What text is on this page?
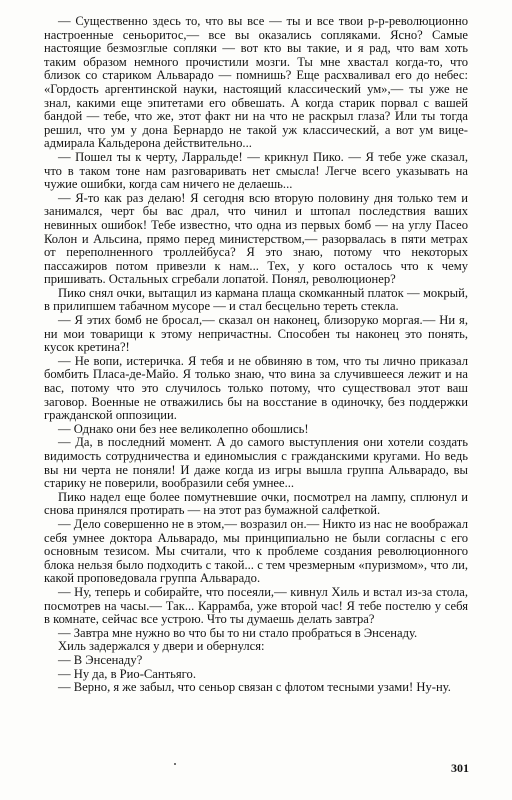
— Существенно здесь то, что вы все — ты и все твои р-р-революционно настроенные сеньоритос,— все вы оказались сопляками. Ясно? Самые настоящие безмозглые сопляки — вот кто вы такие, и я рад, что вам хоть таким образом немного прочистили мозги. Ты мне хвастал когда-то, что близок со стариком Альварадо — помнишь? Еще расхваливал его до небес: «Гордость аргентинской науки, настоящий классический ум»,— ты уже не знал, какими еще эпитетами его обвешать. А когда старик порвал с вашей бандой — тебе, что же, этот факт ни на что не раскрыл глаза? Или ты тогда решил, что ум у дона Бернардо не такой уж классический, а вот ум вице-адмирала Кальдерона действительно...

— Пошел ты к черту, Ларральде! — крикнул Пико. — Я тебе уже сказал, что в таком тоне нам разговаривать нет смысла! Легче всего указывать на чужие ошибки, когда сам ничего не делаешь...

— Я-то как раз делаю! Я сегодня всю вторую половину дня только тем и занимался, черт бы вас драл, что чинил и штопал последствия ваших невинных ошибок! Тебе известно, что одна из первых бомб — на углу Пасео Колон и Альсина, прямо перед министерством,— разорвалась в пяти метрах от переполненного троллейбуса? Я это знаю, потому что некоторых пассажиров потом привезли к нам... Тех, у кого осталось что к чему пришивать. Остальных сгребали лопатой. Понял, революционер?

Пико снял очки, вытащил из кармана плаща скомканный платок — мокрый, в прилипшем табачном мусоре — и стал бесцельно тереть стекла.

— Я этих бомб не бросал,— сказал он наконец, близоруко моргая.— Ни я, ни мои товарищи к этому непричастны. Способен ты наконец это понять, кусок кретина?!

— Не вопи, истеричка. Я тебя и не обвиняю в том, что ты лично приказал бомбить Пласа-де-Майо. Я только знаю, что вина за случившееся лежит и на вас, потому что это случилось только потому, что существовал этот ваш заговор. Военные не отважились бы на восстание в одиночку, без поддержки гражданской оппозиции.

— Однако они без нее великолепно обошлись!

— Да, в последний момент. А до самого выступления они хотели создать видимость сотрудничества и единомыслия с гражданскими кругами. Но ведь вы ни черта не поняли! И даже когда из игры вышла группа Альварадо, вы старику не поверили, вообразили себя умнее...

Пико надел еще более помутневшие очки, посмотрел на лампу, сплюнул и снова принялся протирать — на этот раз бумажной салфеткой.

— Дело совершенно не в этом,— возразил он.— Никто из нас не воображал себя умнее доктора Альварадо, мы принципиально не были согласны с его основным тезисом. Мы считали, что к проблеме создания революционного блока нельзя было подходить с такой... с тем чрезмерным «пуризмом», что ли, какой проповедовала группа Альварадо.

— Ну, теперь и собирайте, что посеяли,— кивнул Хиль и встал из-за стола, посмотрев на часы.— Так... Каррамба, уже второй час! Я тебе постелю у себя в комнате, сейчас все устрою. Что ты думаешь делать завтра?

— Завтра мне нужно во что бы то ни стало пробраться в Энсенаду.

Хиль задержался у двери и обернулся:

— В Энсенаду?

— Ну да, в Рио-Сантьяго.

— Верно, я же забыл, что сеньор связан с флотом тесными узами! Ну-ну.

301
